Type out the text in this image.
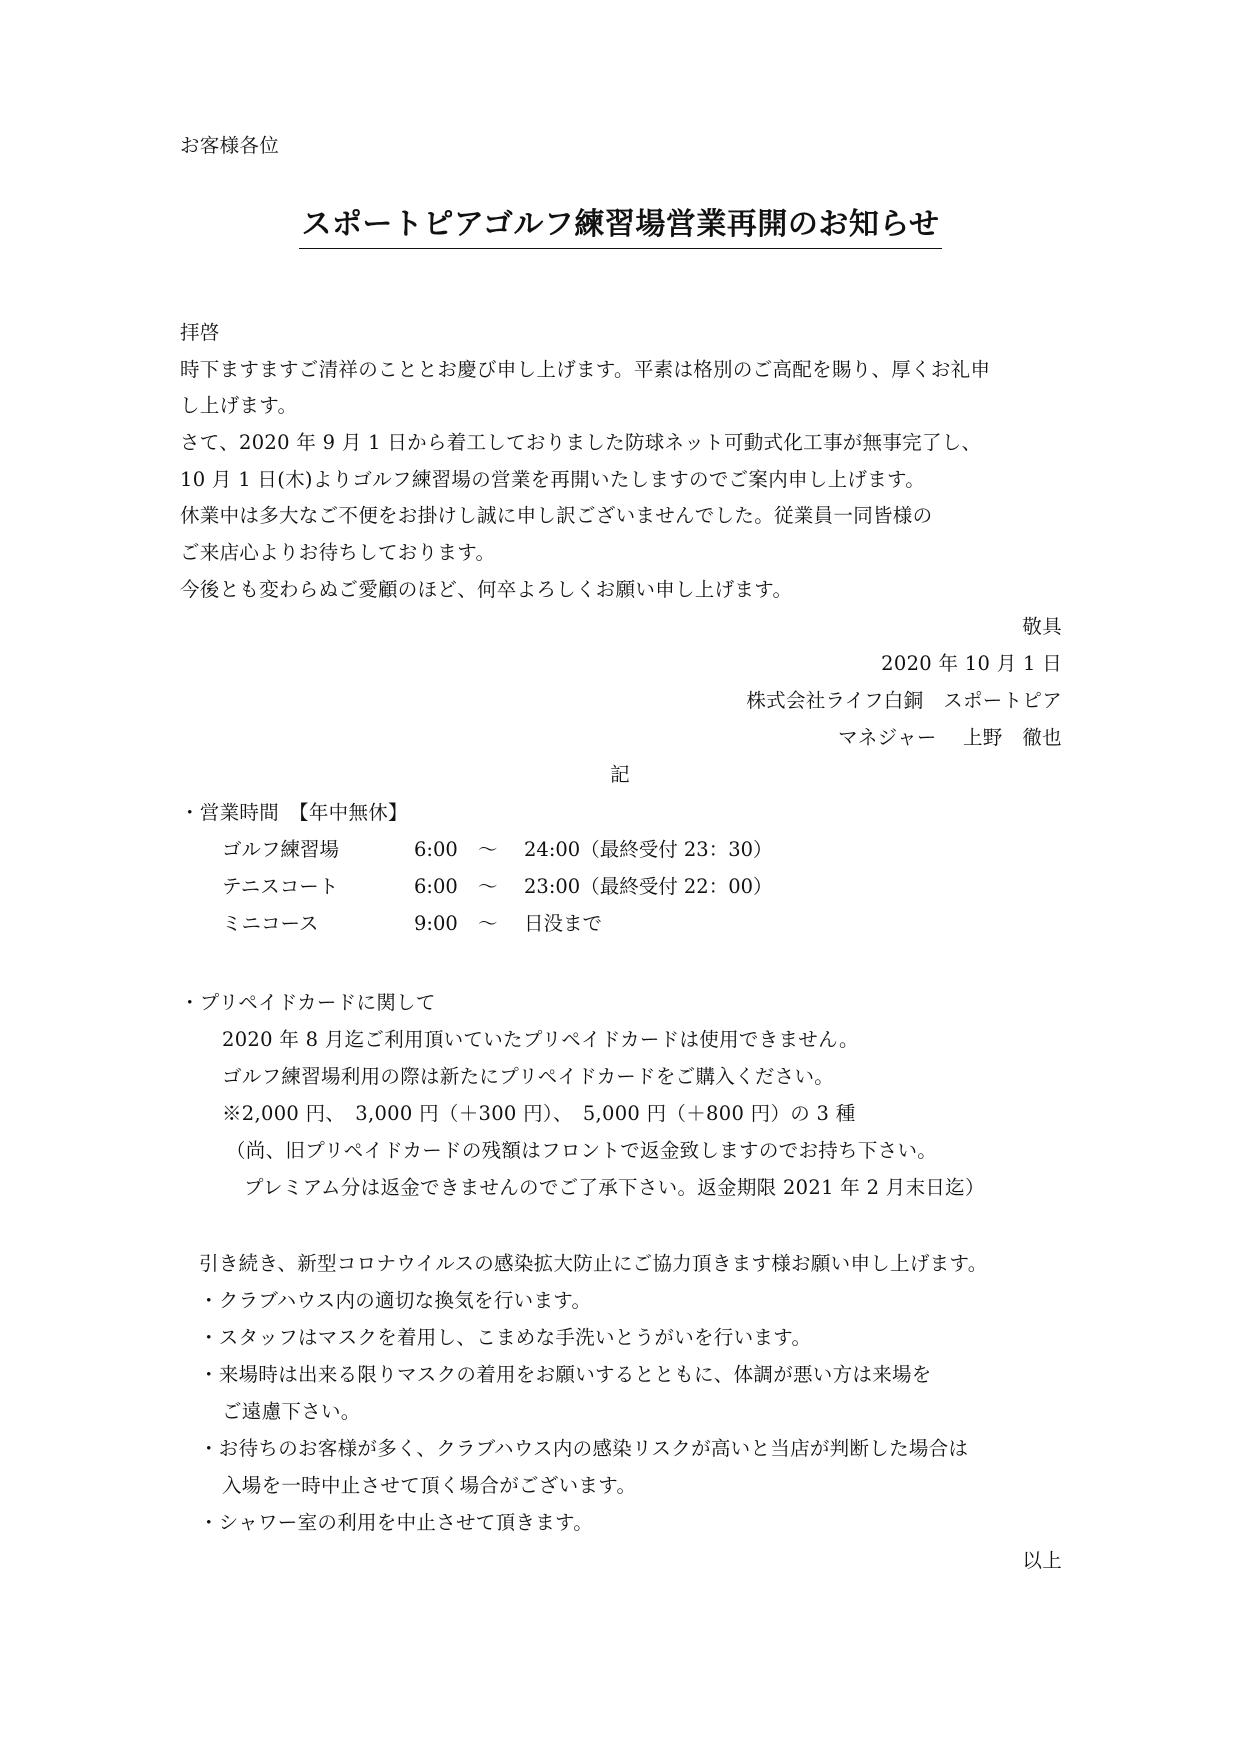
お客様各位
スポートピアゴルフ練習場営業再開のお知らせ
拝啓
時下ますますご清祥のこととお慶び申し上げます。平素は格別のご高配を賜り、厚くお礼申
し上げます。
さて、2020 年 9 月 1 日から着工しておりました防球ネット可動式化工事が無事完了し、
10 月 1 日(木)よりゴルフ練習場の営業を再開いたしますのでご案内申し上げます。
休業中は多大なご不便をお掛けし誠に申し訳ございませんでした。従業員一同皆様の
ご来店心よりお待ちしております。
今後とも変わらぬご愛顧のほど、何卒よろしくお願い申し上げます。
敬具
2020 年 10 月 1 日
株式会社ライフ白銅　スポートピア
マネジャー　 上野　徹也
記
・営業時間　【年中無休】
ゴルフ練習場	6:00 ～ 24:00（最終受付 23：30）
テニスコート	6:00 ～ 23:00（最終受付 22：00）
ミニコース	9:00 ～ 日没まで
・プリペイドカードに関して
2020 年 8 月迄ご利用頂いていたプリペイドカードは使用できません。
ゴルフ練習場利用の際は新たにプリペイドカードをご購入ください。
※2,000 円、　3,000 円（＋300 円）、　5,000 円（＋800 円）の 3 種
（尚、旧プリペイドカードの残額はフロントで返金致しますのでお持ち下さい。
プレミアム分は返金できませんのでご了承下さい。返金期限 2021 年 2 月末日迄）
引き続き、新型コロナウイルスの感染拡大防止にご協力頂きます様お願い申し上げます。
・クラブハウス内の適切な換気を行います。
・スタッフはマスクを着用し、こまめな手洗いとうがいを行います。
・来場時は出来る限りマスクの着用をお願いするとともに、体調が悪い方は来場を
ご遠慮下さい。
・お待ちのお客様が多く、クラブハウス内の感染リスクが高いと当店が判断した場合は
入場を一時中止させて頂く場合がございます。
・シャワー室の利用を中止させて頂きます。
以上
